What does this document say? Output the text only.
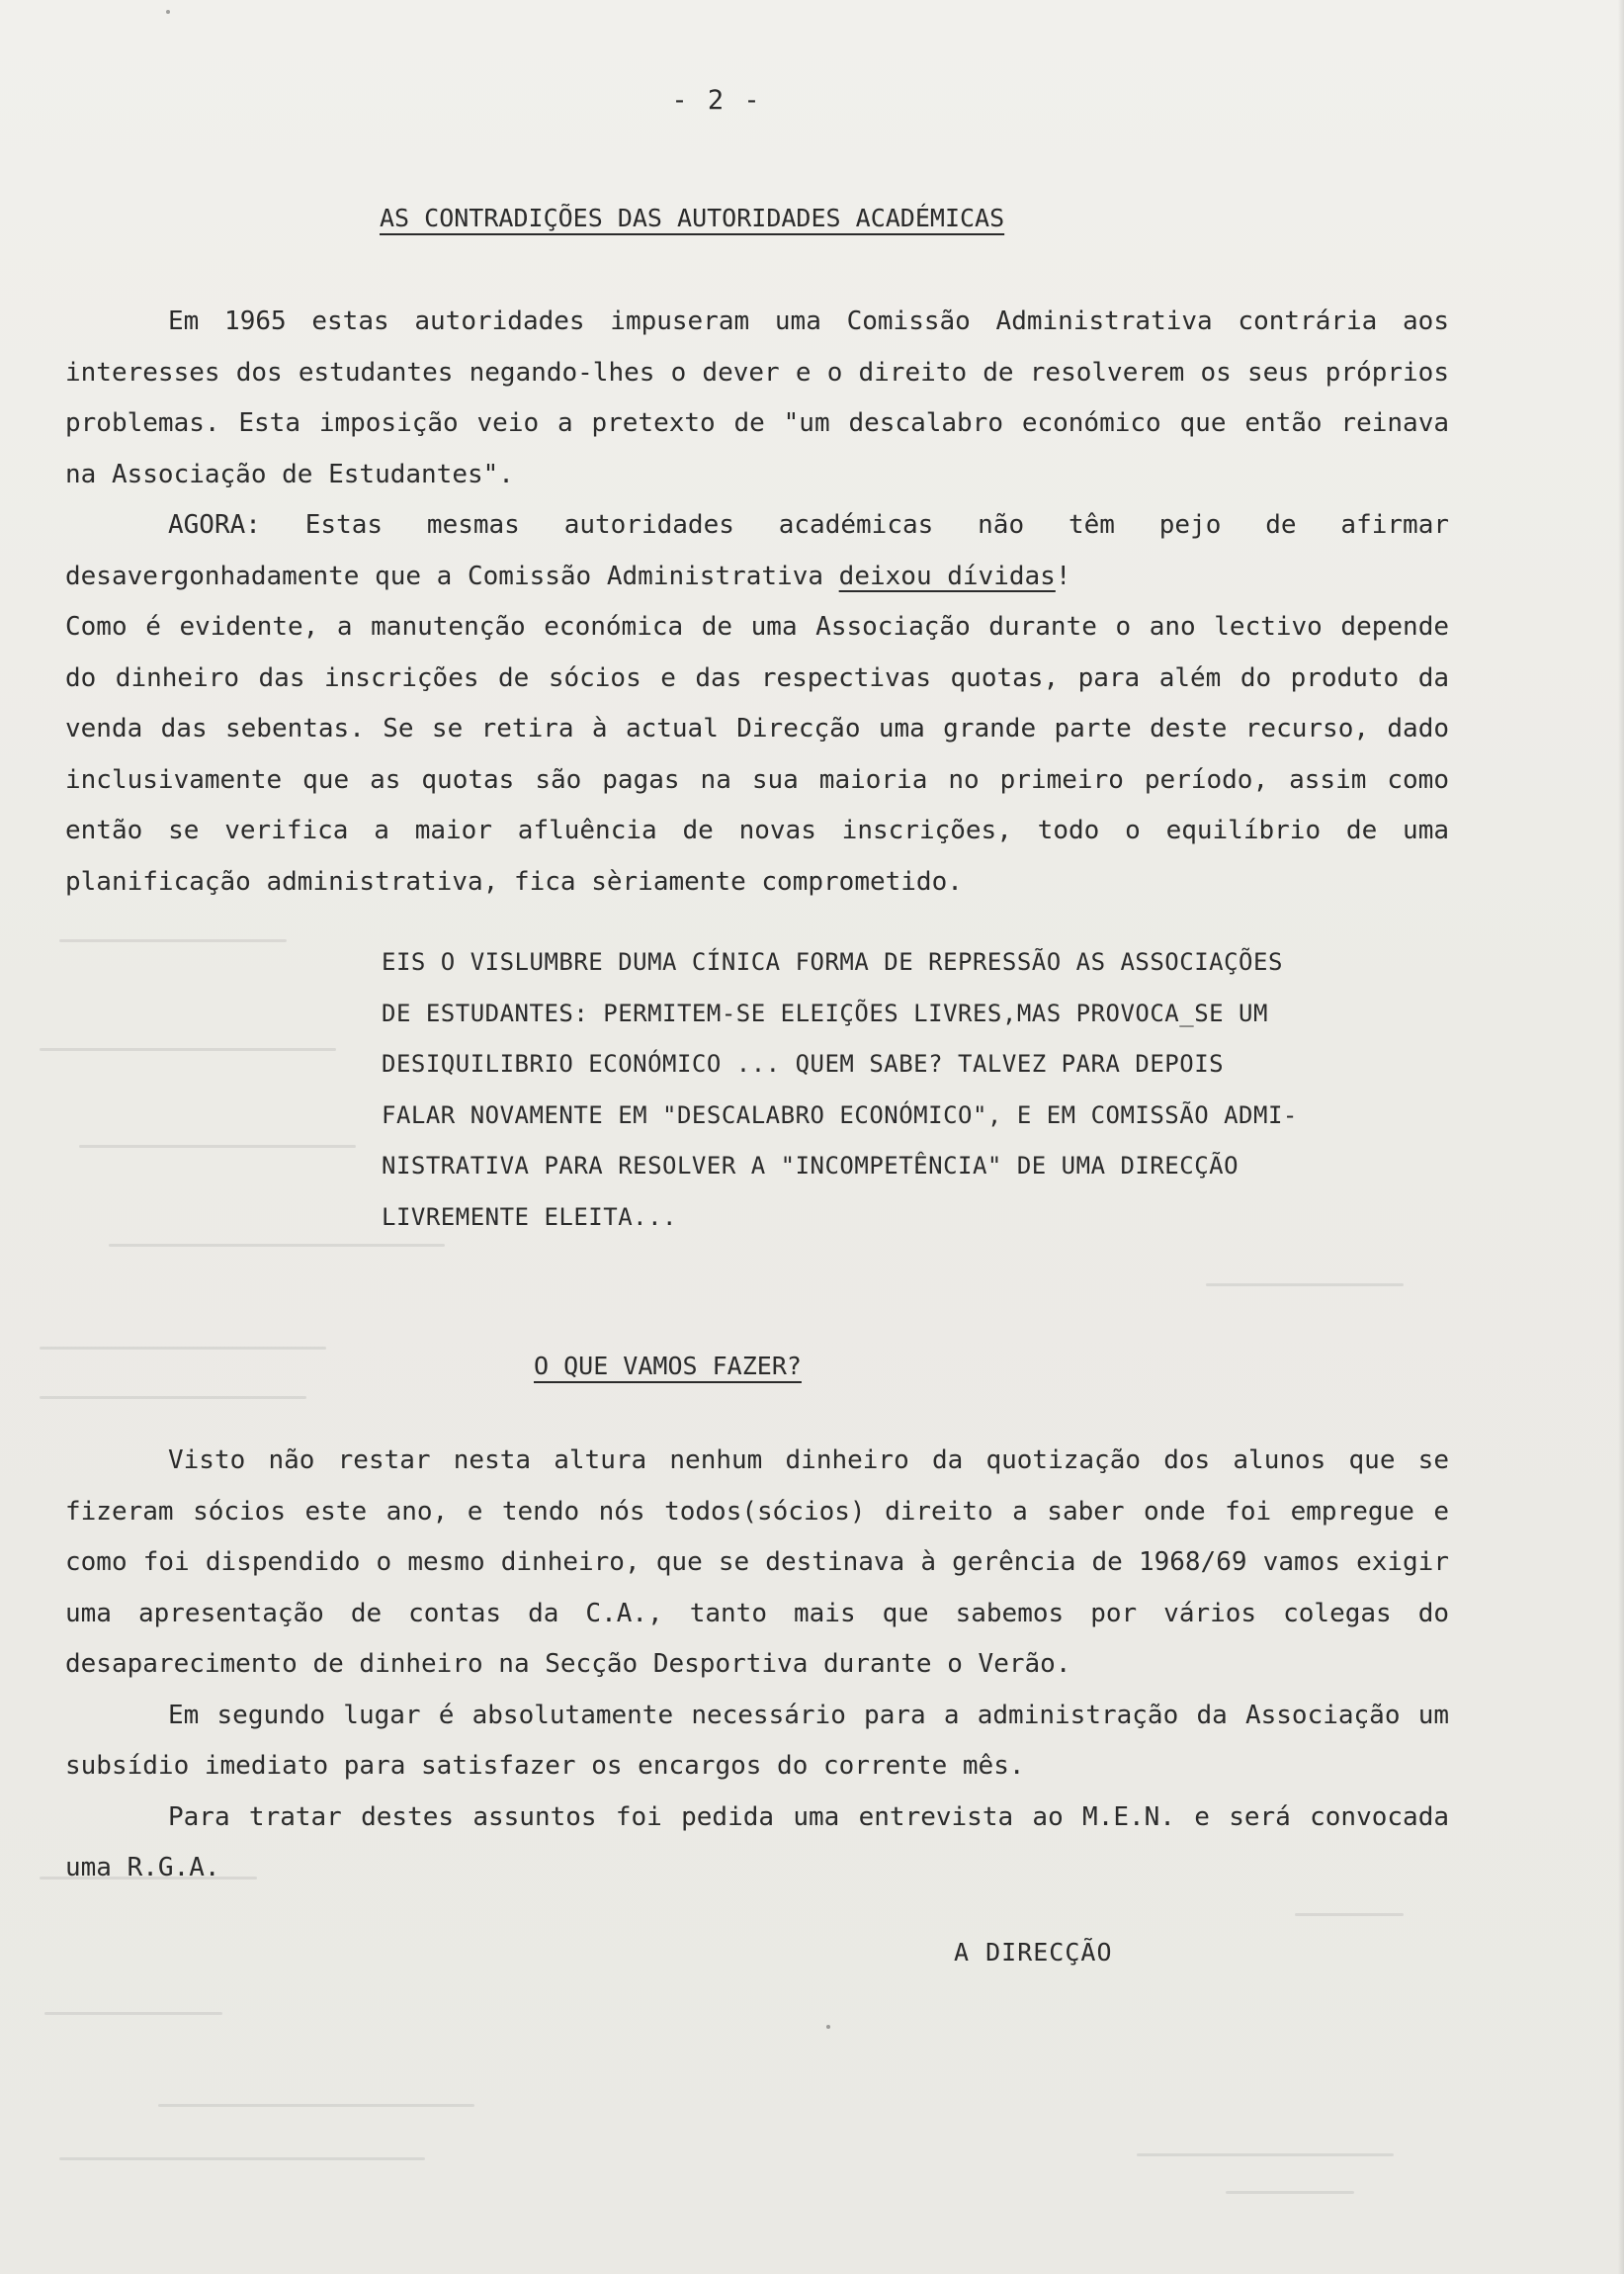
- 2 -
AS CONTRADIÇÕES DAS AUTORIDADES ACADÉMICAS

Em 1965 estas autoridades impuseram uma Comissão Administrativa contrária aos interesses dos estudantes negando-lhes o dever e o direito de resolverem os seus próprios problemas. Esta imposição veio a pretexto de "um descalabro económico que então reinava na Associação de Estudantes".

AGORA: Estas mesmas autoridades académicas não têm pejo de afirmar desavergonhadamente que a Comissão Administrativa deixou dívidas!

Como é evidente, a manutenção económica de uma Associação durante o ano lectivo depende do dinheiro das inscrições de sócios e das respectivas quotas, para além do produto da venda das sebentas. Se se retira à actual Direcção uma grande parte deste recurso, dado inclusivamente que as quotas são pagas na sua maioria no primeiro período, assim como então se verifica a maior afluência de novas inscrições, todo o equilíbrio de uma planificação administrativa, fica sèriamente comprometido.

EIS O VISLUMBRE DUMA CÍNICA FORMA DE REPRESSÃO AS ASSOCIAÇÕES

DE ESTUDANTES: PERMITEM-SE ELEIÇÕES LIVRES,MAS PROVOCA_SE UM

DESIQUILIBRIO ECONÓMICO ... QUEM SABE? TALVEZ PARA DEPOIS

FALAR NOVAMENTE EM "DESCALABRO ECONÓMICO", E EM COMISSÃO ADMI-

NISTRATIVA PARA RESOLVER A "INCOMPETÊNCIA" DE UMA DIRECÇÃO

LIVREMENTE ELEITA...

O QUE VAMOS FAZER?

Visto não restar nesta altura nenhum dinheiro da quotização dos alunos que se fizeram sócios este ano, e tendo nós todos(sócios) direito a saber onde foi empregue e como foi dispendido o mesmo dinheiro, que se destinava à gerência de 1968/69 vamos exigir uma apresentação de contas da C.A., tanto mais que sabemos por vários colegas do desaparecimento de dinheiro na Secção Desportiva durante o Verão.

Em segundo lugar é absolutamente necessário para a administração da Associação um subsídio imediato para satisfazer os encargos do corrente mês.

Para tratar destes assuntos foi pedida uma entrevista ao M.E.N. e será convocada uma R.G.A.

A DIRECÇÃO
